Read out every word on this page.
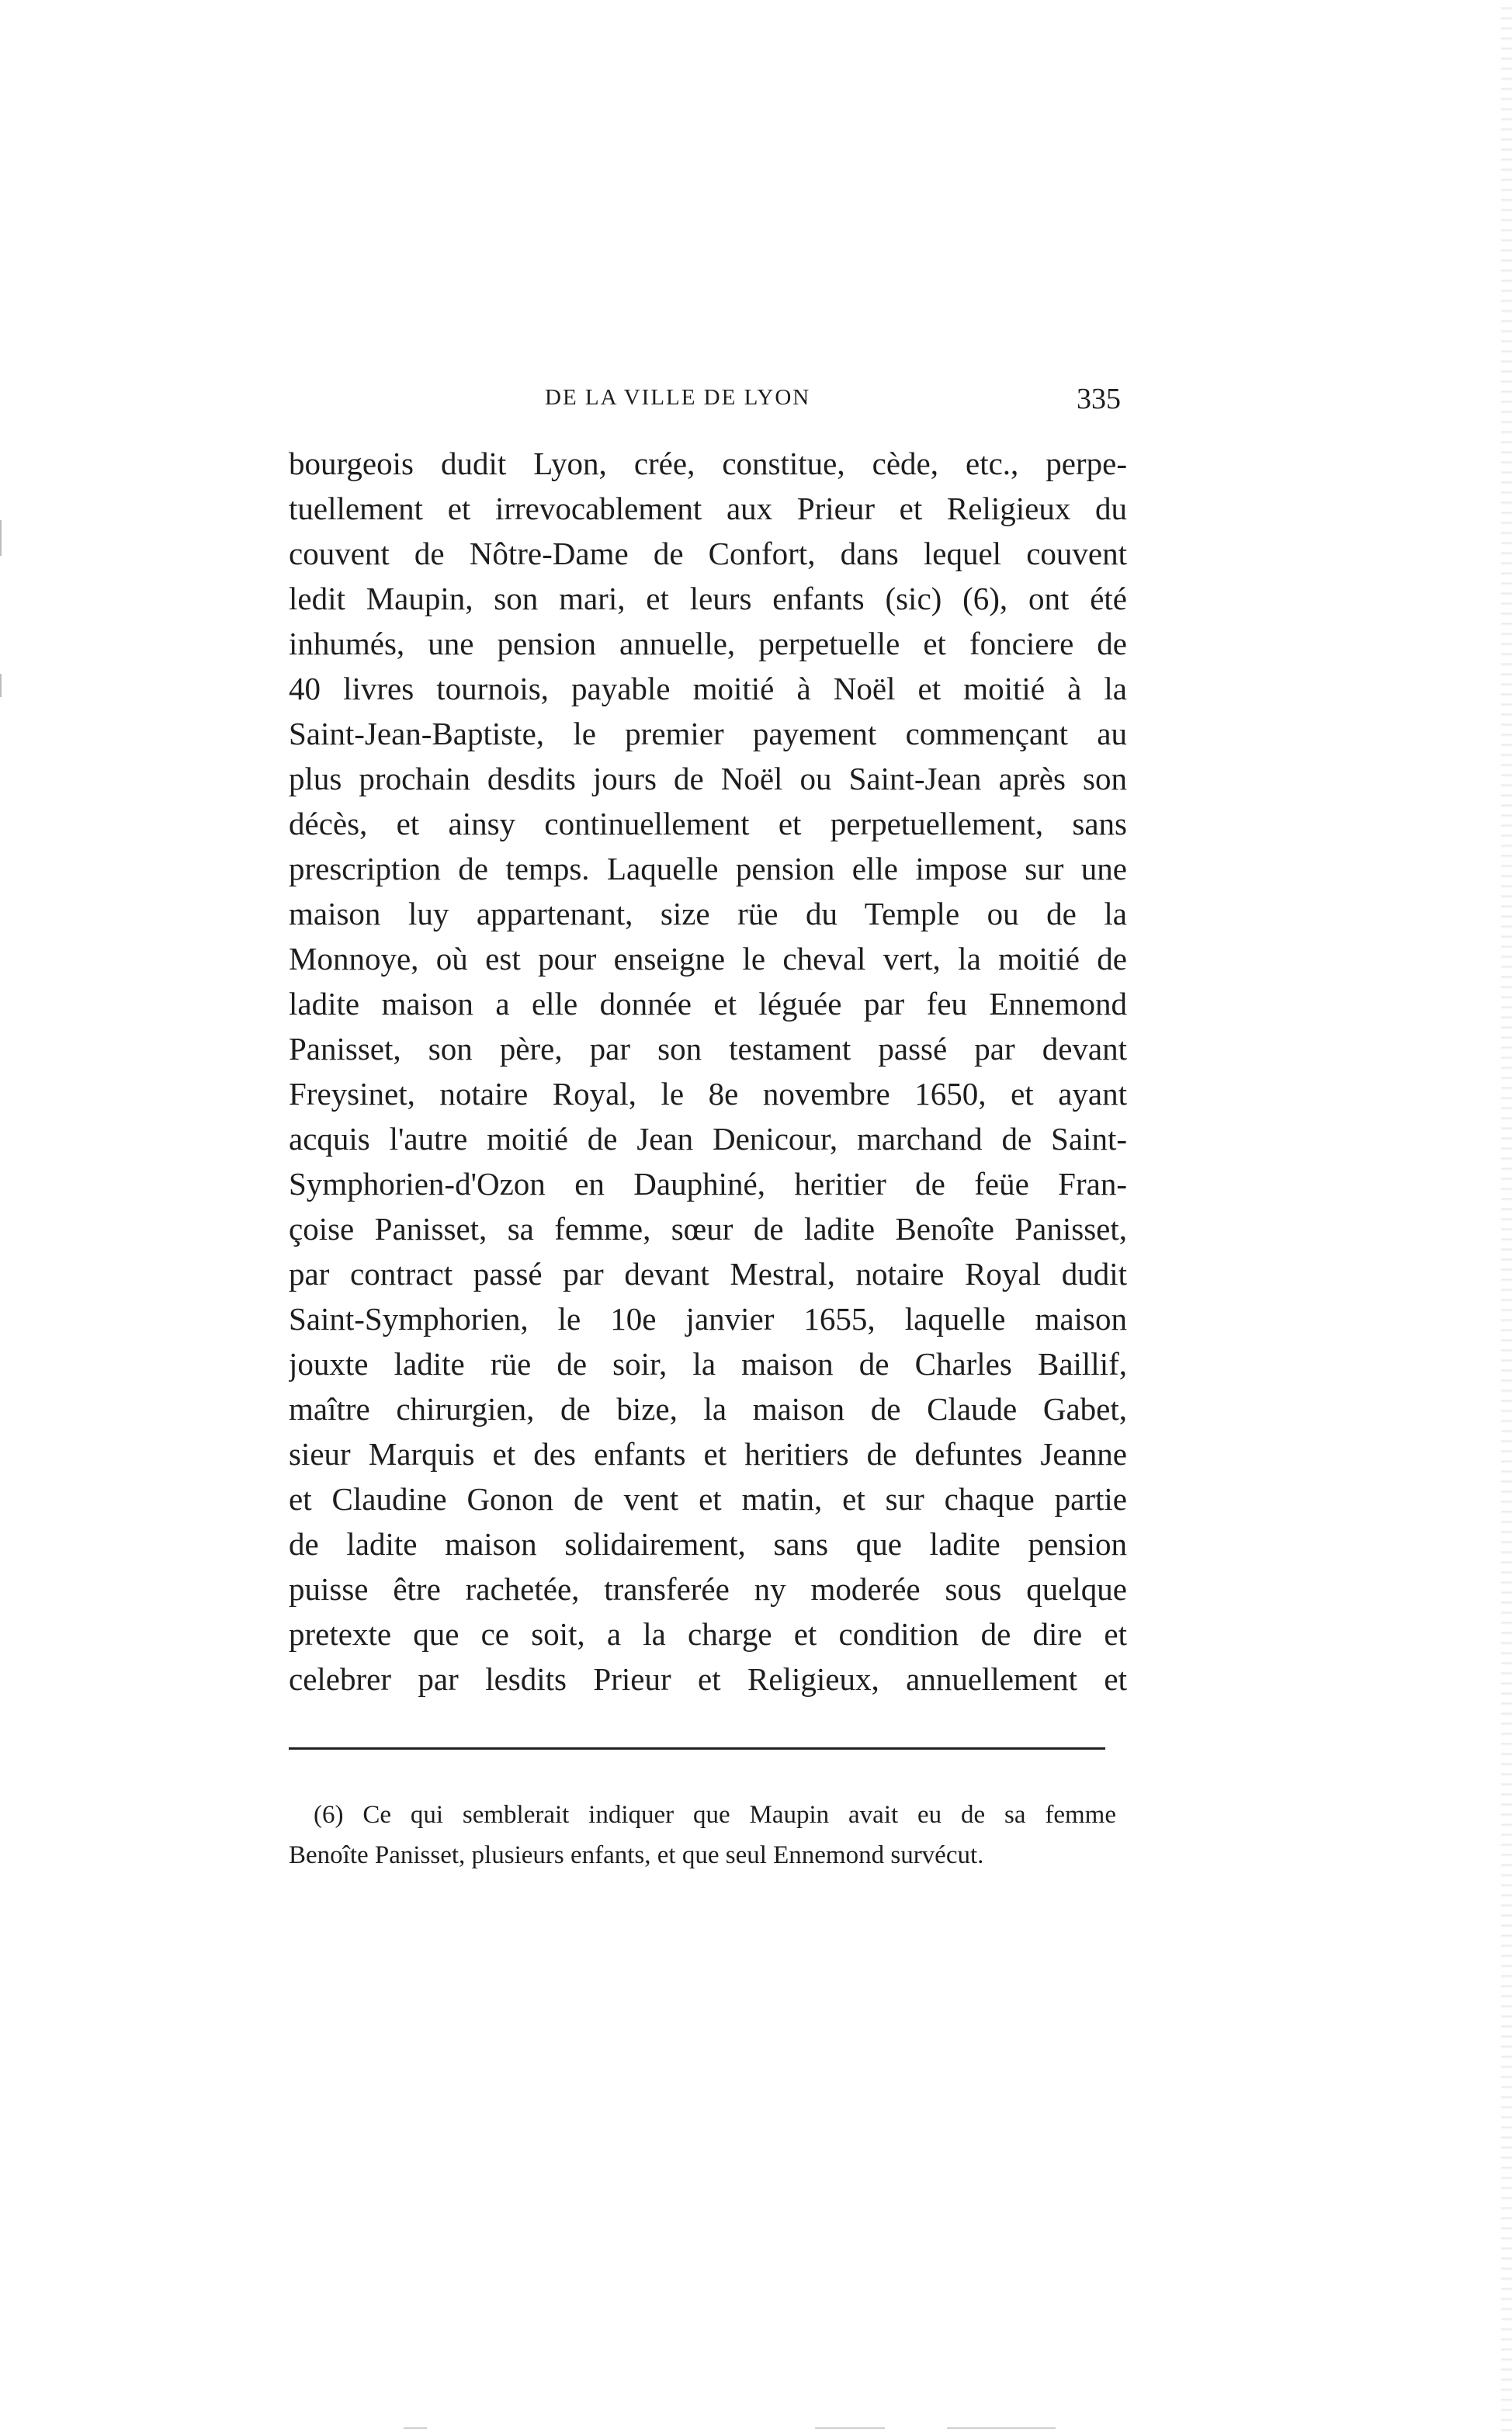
DE LA VILLE DE LYON	335
bourgeois dudit Lyon, crée, constitue, cède, etc., perpe-
tuellement et irrevocablement aux Prieur et Religieux du
couvent de Nôtre-Dame de Confort, dans lequel couvent
ledit Maupin, son mari, et leurs enfants (sic) (6), ont été
inhumés, une pension annuelle, perpetuelle et fonciere de
40 livres tournois, payable moitié à Noël et moitié à la
Saint-Jean-Baptiste, le premier payement commençant au
plus prochain desdits jours de Noël ou Saint-Jean après son
décès, et ainsy continuellement et perpetuellement, sans
prescription de temps. Laquelle pension elle impose sur une
maison luy appartenant, size rüe du Temple ou de la
Monnoye, où est pour enseigne le cheval vert, la moitié de
ladite maison a elle donnée et léguée par feu Ennemond
Panisset, son père, par son testament passé par devant
Freysinet, notaire Royal, le 8e novembre 1650, et ayant
acquis l'autre moitié de Jean Denicour, marchand de Saint-
Symphorien-d'Ozon en Dauphiné, heritier de feüe Fran-
çoise Panisset, sa femme, sœur de ladite Benoîte Panisset,
par contract passé par devant Mestral, notaire Royal dudit
Saint-Symphorien, le 10e janvier 1655, laquelle maison
jouxte ladite rüe de soir, la maison de Charles Baillif,
maître chirurgien, de bize, la maison de Claude Gabet,
sieur Marquis et des enfants et heritiers de defuntes Jeanne
et Claudine Gonon de vent et matin, et sur chaque partie
de ladite maison solidairement, sans que ladite pension
puisse être rachetée, transferée ny moderée sous quelque
pretexte que ce soit, a la charge et condition de dire et
celebrer par lesdits Prieur et Religieux, annuellement et
(6) Ce qui semblerait indiquer que Maupin avait eu de sa femme
Benoîte Panisset, plusieurs enfants, et que seul Ennemond survécut.
